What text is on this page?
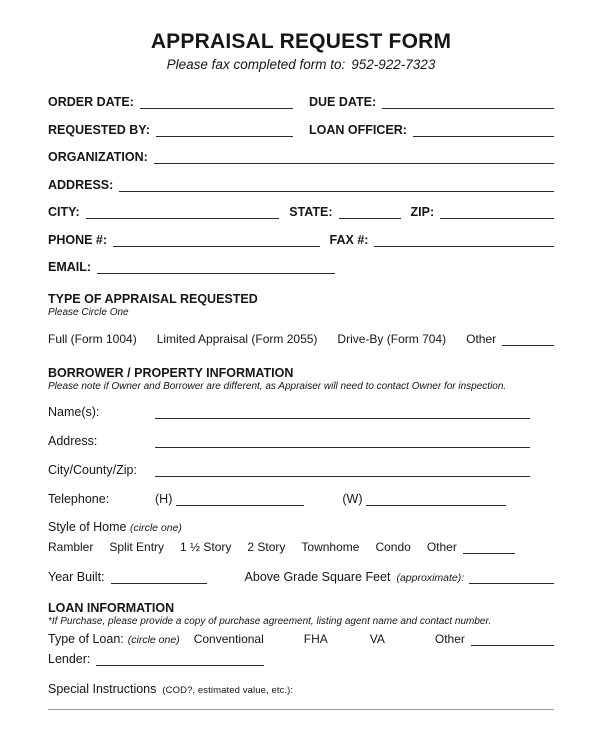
APPRAISAL REQUEST FORM
Please fax completed form to: 952-922-7323
ORDER DATE:	DUE DATE:
REQUESTED BY:	LOAN OFFICER:
ORGANIZATION:
ADDRESS:
CITY:	STATE:	ZIP:
PHONE #:	FAX #:
EMAIL:
TYPE OF APPRAISAL REQUESTED
Please Circle One
Full (Form 1004) Limited Appraisal (Form 2055) Drive-By (Form 704) Other
BORROWER / PROPERTY INFORMATION
Please note if Owner and Borrower are different, as Appraiser will need to contact Owner for inspection.
Name(s):
Address:
City/County/Zip:
Telephone:	(H)	(W)
Style of Home (circle one)
Rambler Split Entry 1 ½ Story 2 Story Townhome Condo Other
Year Built:	Above Grade Square Feet (approximate):
LOAN INFORMATION
*If Purchase, please provide a copy of purchase agreement, listing agent name and contact number.
Type of Loan: (circle one) Conventional	FHA	VA	Other
Lender:
Special Instructions (COD?, estimated value, etc.):
